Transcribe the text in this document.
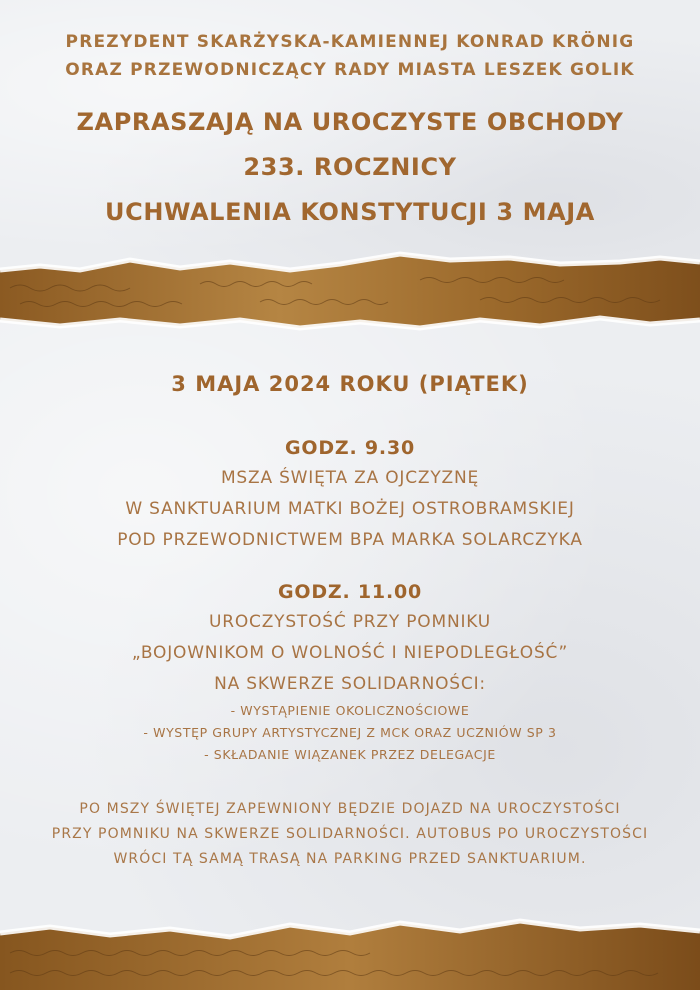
PREZYDENT SKARŻYSKA-KAMIENNEJ KONRAD KRÖNIG
ORAZ PRZEWODNICZĄCY RADY MIASTA LESZEK GOLIK
ZAPRASZAJĄ NA UROCZYSTE OBCHODY
233. ROCZNICY
UCHWALENIA KONSTYTUCJI 3 MAJA
3 MAJA 2024 ROKU (PIĄTEK)
GODZ. 9.30
MSZA ŚWIĘTA ZA OJCZYZNĘ
W SANKTUARIUM MATKI BOŻEJ OSTROBRAMSKIEJ
POD PRZEWODNICTWEM BPA MARKA SOLARCZYKA
GODZ. 11.00
UROCZYSTOŚĆ PRZY POMNIKU
„BOJOWNIKOM O WOLNOŚĆ I NIEPODLEGŁOŚĆ”
NA SKWERZE SOLIDARNOŚCI:
- WYSTĄPIENIE OKOLICZNOŚCIOWE
- WYSTĘP GRUPY ARTYSTYCZNEJ Z MCK ORAZ UCZNIÓW SP 3
- SKŁADANIE WIĄZANEK PRZEZ DELEGACJE
PO MSZY ŚWIĘTEJ ZAPEWNIONY BĘDZIE DOJAZD NA UROCZYSTOŚCI
PRZY POMNIKU NA SKWERZE SOLIDARNOŚCI. AUTOBUS PO UROCZYSTOŚCI
WRÓCI TĄ SAMĄ TRASĄ NA PARKING PRZED SANKTUARIUM.
